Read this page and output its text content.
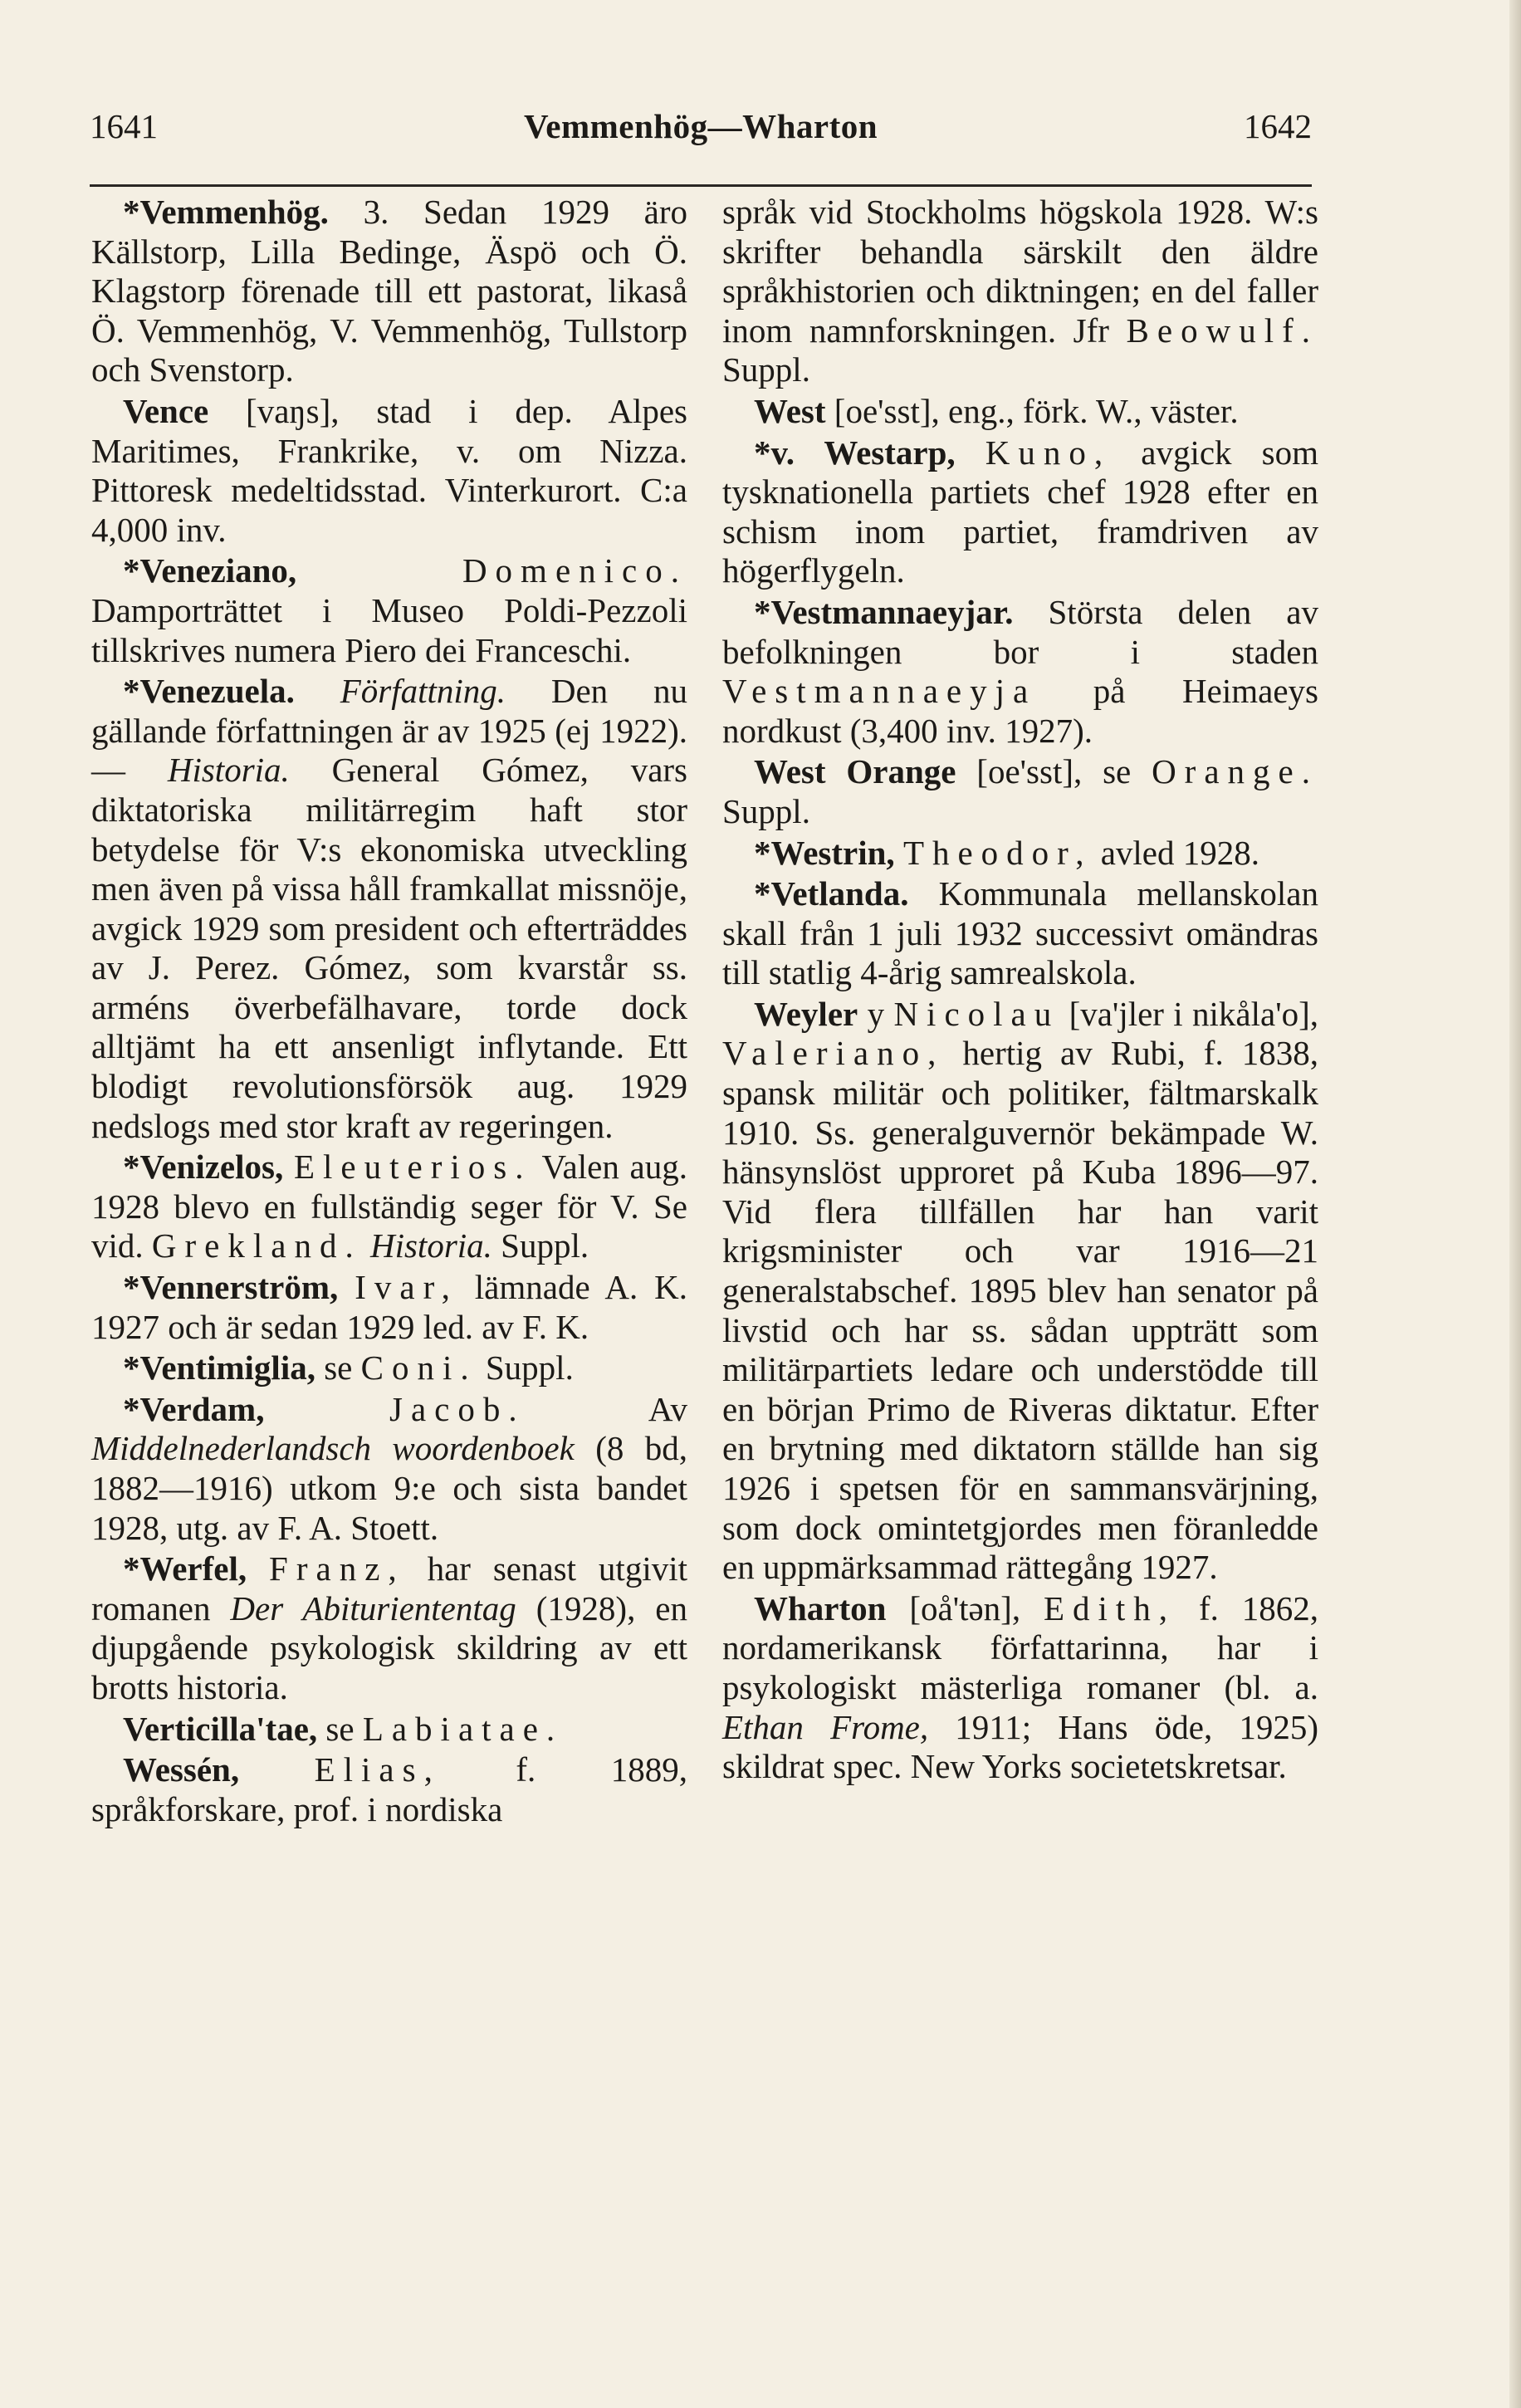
1641	Vemmenhög—Wharton	1642

*Vemmenhög. 3. Sedan 1929 äro Källstorp, Lilla Bedinge, Äspö och Ö. Klagstorp förenade till ett pastorat, likaså Ö. Vemmenhög, V. Vemmenhög, Tullstorp och Svenstorp.

Vence [vaŋs], stad i dep. Alpes Maritimes, Frankrike, v. om Nizza. Pittoresk medeltidsstad. Vinterkurort. C:a 4,000 inv.

*Veneziano,	Domenico. Damporträttet i Museo Poldi-Pezzoli tillskrives numera Piero dei Franceschi.

*Venezuela. Författning. Den nu gällande författningen är av 1925 (ej 1922). — Historia. General Gómez, vars diktatoriska militärregim haft stor betydelse för V:s ekonomiska utveckling men även på vissa håll framkallat missnöje, avgick 1929 som president och efterträddes av J. Perez. Gómez, som kvarstår ss. arméns överbefälhavare, torde dock alltjämt ha ett ansenligt inflytande. Ett blodigt revolutionsförsök aug. 1929 nedslogs med stor kraft av regeringen.

*Venizelos, Eleuterios. Valen aug. 1928 blevo en fullständig seger för V. Se vid. Grekland. Historia. Suppl.

*Vennerström, Ivar, lämnade A. K. 1927 och är sedan 1929 led. av F. K.

*Ventimiglia, se Coni. Suppl.

*Verdam,	Jacob. Av Middelnederlandsch woordenboek (8 bd, 1882—1916) utkom 9:e och sista bandet 1928, utg. av F. A. Stoett.

*Werfel, Franz, har senast utgivit romanen Der Abituriententag (1928), en djupgående psykologisk skildring av ett brotts historia.

Verticilla'tae, se Labiatae.

Wessén, Elias, f. 1889, språkforskare, prof. i nordiska

språk vid Stockholms högskola 1928. W:s skrifter behandla särskilt den äldre språkhistorien och diktningen; en del faller inom namnforskningen. Jfr Beowulf. Suppl.

West [oe'sst], eng., förk. W., väster.

*v. Westarp, Kuno, avgick som tysknationella partiets chef 1928 efter en schism inom partiet, framdriven av högerflygeln.

*Vestmannaeyjar. Största delen av befolkningen bor i staden Vestmannaeyja på Heimaeys nordkust (3,400 inv. 1927).

West Orange [oe'sst], se Orange. Suppl.

*Westrin, Theodor, avled 1928.

*Vetlanda. Kommunala mellanskolan skall från 1 juli 1932 successivt omändras till statlig 4-årig samrealskola.

Weyler y Nicolau [va'jler i nikåla'o], Valeriano, hertig av Rubi, f. 1838, spansk militär och politiker, fältmarskalk 1910. Ss. generalguvernör bekämpade W. hänsynslöst upproret på Kuba 1896—97. Vid flera tillfällen har han varit krigsminister och var 1916—21 generalstabschef. 1895 blev han senator på livstid och har ss. sådan uppträtt som militärpartiets ledare och understödde till en början Primo de Riveras diktatur. Efter en brytning med diktatorn ställde han sig 1926 i spetsen för en sammansvärjning, som dock omintetgjordes men föranledde en uppmärksammad rättegång 1927.

Wharton [oå'tən], Edith, f. 1862, nordamerikansk författarinna, har i psykologiskt mästerliga romaner (bl. a. Ethan Frome, 1911; Hans öde, 1925) skildrat spec. New Yorks societetskretsar.
